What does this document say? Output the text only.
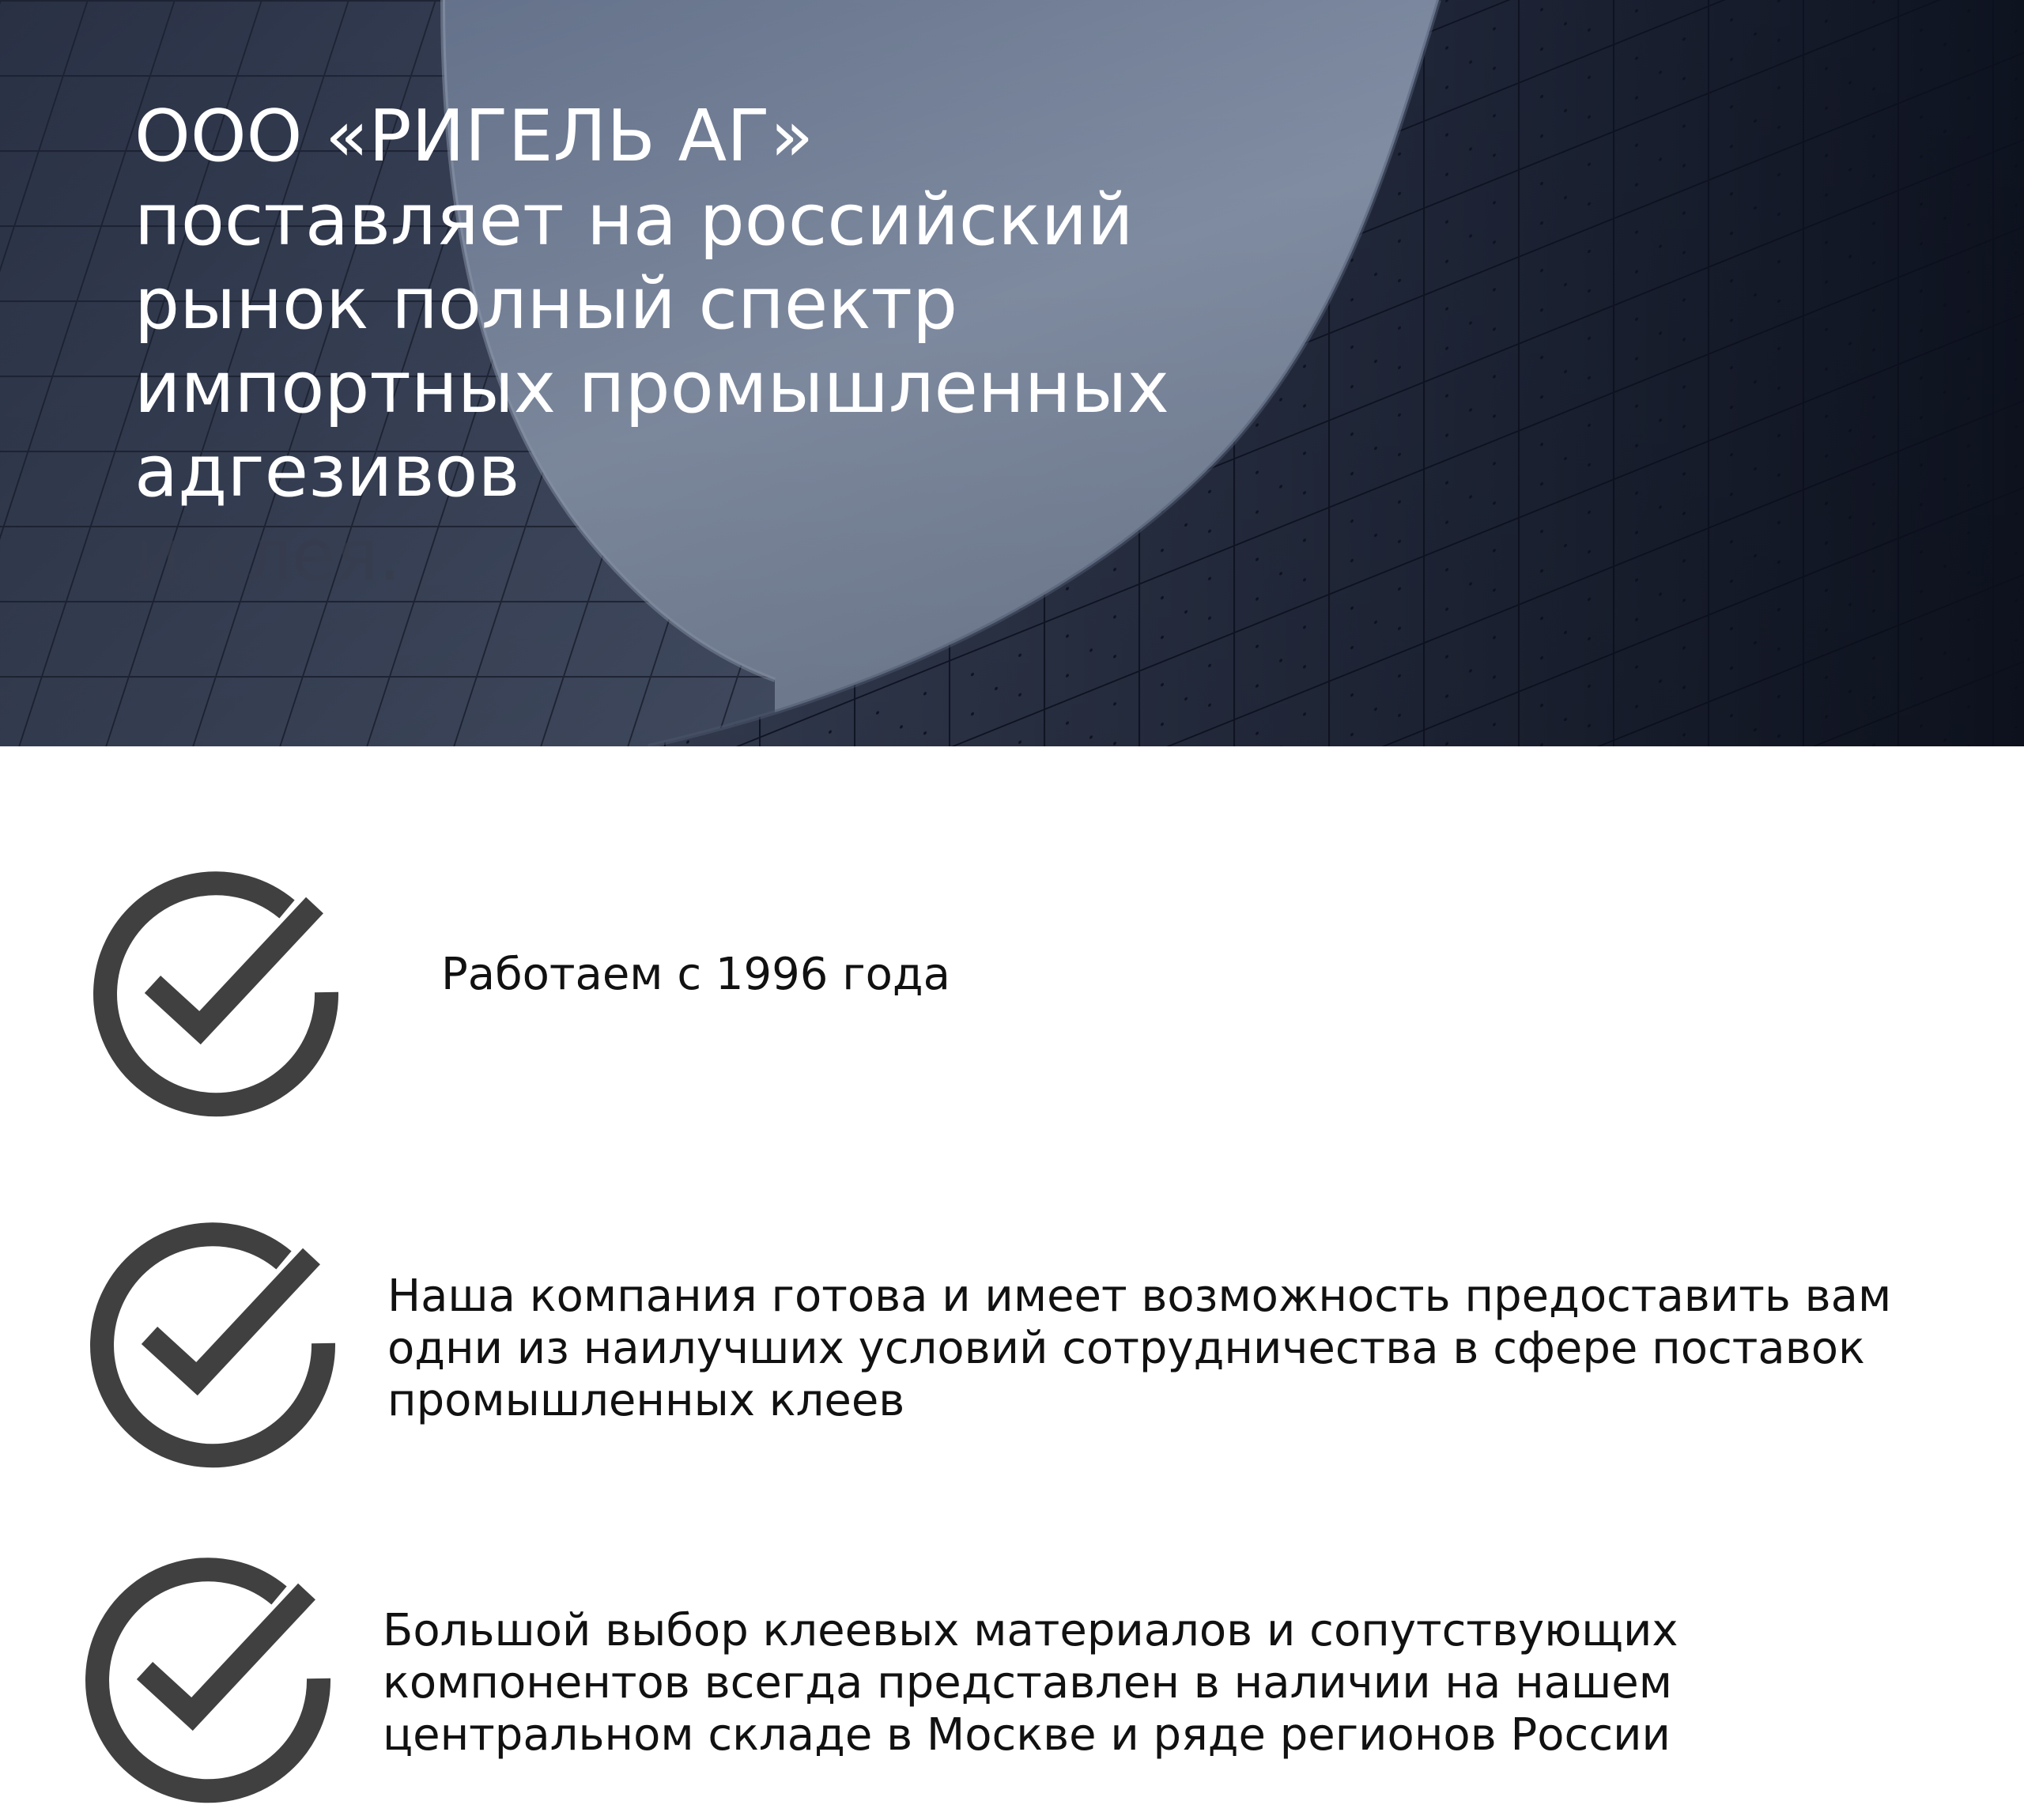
ООО «РИГЕЛЬ АГ» поставляет на российский рынок полный спектр импортных промышленных адгезивов

и клея.

Работаем с 1996 года

Наша компания готова и имеет возможность предоставить вам
одни из наилучших условий сотрудничества в сфере поставок
промышленных клеев

Большой выбор клеевых материалов и сопутствующих
компонентов всегда представлен в наличии на нашем
центральном складе в Москве и ряде регионов России
